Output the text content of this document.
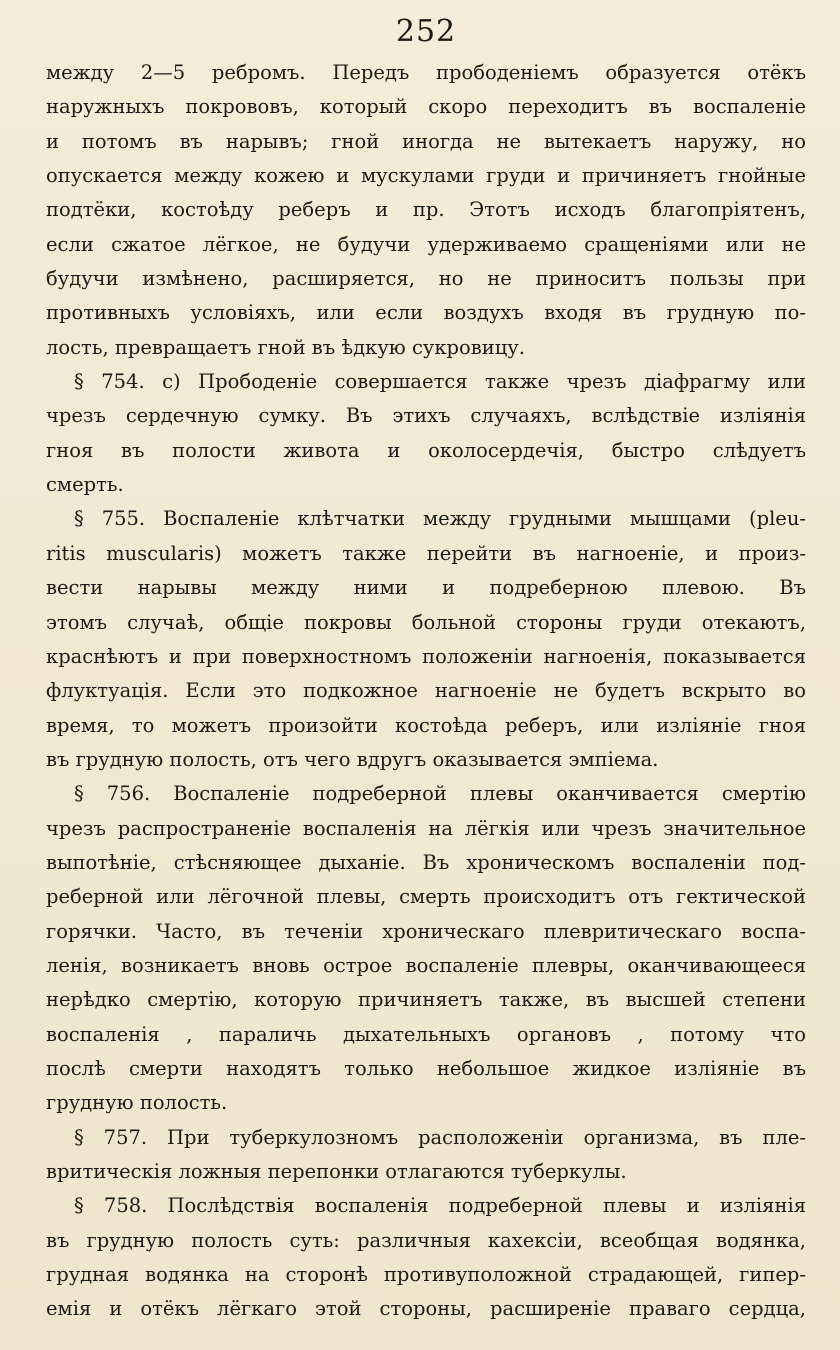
252
между 2—5 ребромъ. Передъ прободеніемъ образуется отёкъ
наружныхъ покрововъ, который скоро переходитъ въ воспаленіе
и потомъ въ нарывъ; гной иногда не вытекаетъ наружу, но
опускается между кожею и мускулами груди и причиняетъ гнойные
подтёки, костоѣду реберъ и пр. Этотъ исходъ благопріятенъ,
если сжатое лёгкое, не будучи удерживаемо сращеніями или не
будучи измѣнено, расширяется, но не приноситъ пользы при
противныхъ условіяхъ, или если воздухъ входя въ грудную по-
лость, превращаетъ гной въ ѣдкую сукровицу.
§ 754. c) Прободеніе совершается также чрезъ діафрагму или
чрезъ сердечную сумку. Въ этихъ случаяхъ, вслѣдствіе изліянія
гноя въ полости живота и околосердечія, быстро слѣдуетъ
смерть.
§ 755. Воспаленіе клѣтчатки между грудными мышцами (pleu-
ritis muscularis) можетъ также перейти въ нагноеніе, и произ-
вести нарывы между ними и подреберною плевою. Въ
этомъ случаѣ, общіе покровы больной стороны груди отекаютъ,
краснѣютъ и при поверхностномъ положеніи нагноенія, показывается
флуктуація. Если это подкожное нагноеніе не будетъ вскрыто во
время, то можетъ произойти костоѣда реберъ, или изліяніе гноя
въ грудную полость, отъ чего вдругъ оказывается эмпіема.
§ 756. Воспаленіе подреберной плевы оканчивается смертію
чрезъ распространеніе воспаленія на лёгкія или чрезъ значительное
выпотѣніе, стѣсняющее дыханіе. Въ хроническомъ воспаленіи под-
реберной или лёгочной плевы, смерть происходитъ отъ гектической
горячки. Часто, въ теченіи хроническаго плевритическаго воспа-
ленія, возникаетъ вновь острое воспаленіе плевры, оканчивающееся
нерѣдко смертію, которую причиняетъ также, въ высшей степени
воспаленія , параличь дыхательныхъ органовъ , потому что
послѣ смерти находятъ только небольшое жидкое изліяніе въ
грудную полость.
§ 757. При туберкулозномъ расположеніи организма, въ пле-
вритическія ложныя перепонки отлагаются туберкулы.
§ 758. Послѣдствія воспаленія подреберной плевы и изліянія
въ грудную полость суть: различныя кахексіи, всеобщая водянка,
грудная водянка на сторонѣ противуположной страдающей, гипер-
емія и отёкъ лёгкаго этой стороны, расширеніе праваго сердца,
